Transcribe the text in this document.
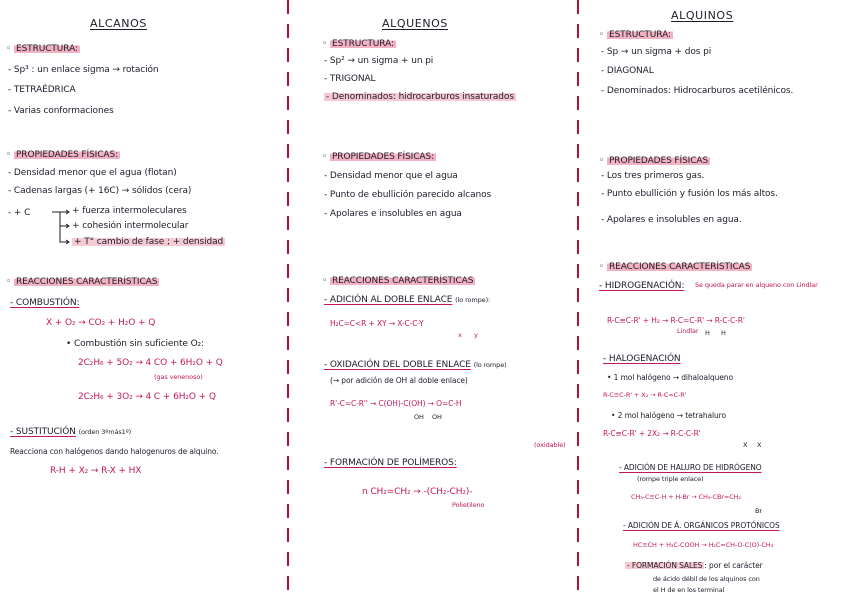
ALCANOS
◦ ESTRUCTURA:
- Sp³ : un enlace sigma → rotación
- TETRAÉDRICA
- Varias conformaciones
◦ PROPIEDADES FÍSICAS:
- Densidad menor que el agua (flotan)
- Cadenas largas (+ 16C) → sólidos (cera)
- + C	+ fuerza intermoleculares
+ cohesión intermolecular
+ T° cambio de fase ; + densidad
◦ REACCIONES CARACTERÍSTICAS
- COMBUSTIÓN:
X + O₂ → CO₂ + H₂O + Q
• Combustión sin suficiente O₂:
2C₂H₆ + 5O₂ → 4 CO + 6H₂O + Q
(gas venenoso)
2C₂H₆ + 3O₂ → 4 C + 6H₂O + Q
- SUSTITUCIÓN (orden 3ºmás1º)
Reacciona con halógenos dando halogenuros de alquino.
R-H + X₂ → R-X + HX
ALQUENOS
◦ ESTRUCTURA:
- Sp² → un sigma + un pi
- TRIGONAL
- Denominados: hidrocarburos insaturados
◦ PROPIEDADES FÍSICAS:
- Densidad menor que el agua
- Punto de ebullición parecido alcanos
- Apolares e insolubles en agua
◦ REACCIONES CARACTERÍSTICAS
- ADICIÓN AL DOBLE ENLACE (lo rompe):
H₂C=C<R + XY → X-C-C-Y
x y
- OXIDACIÓN DEL DOBLE ENLACE (lo rompe)
(→ por adición de OH al doble enlace)
R'-C=C-R'' → C(OH)-C(OH) → O=C-H
OH OH
(oxidable)
- FORMACIÓN DE POLÍMEROS:
n CH₂=CH₂ → -(CH₂-CH₂)-
Polietileno
ALQUINOS
◦ ESTRUCTURA:
- Sp → un sigma + dos pi
- DIAGONAL
- Denominados: Hidrocarburos acetilénicos.
◦ PROPIEDADES FÍSICAS
- Los tres primeros gas.
- Punto ebullición y fusión los más altos.
- Apolares e insolubles en agua.
◦ REACCIONES CARACTERÍSTICAS
- HIDROGENACIÓN: Se queda parar en alqueno con Lindlar
R-C≡C-R' + H₂ → R-C=C-R' → R-C-C-R'
Lindlar H H
- HALOGENACIÓN
• 1 mol halógeno → dihaloalqueno
R-C≡C-R' + X₂ → R-C=C-R'
• 2 mol halógeno → tetrahaluro
R-C≡C-R' + 2X₂ → R-C-C-R'
X X
- ADICIÓN DE HALURO DE HIDRÓGENO
(rompe triple enlace)
CH₃-C≡C-H + H-Br → CH₃-CBr=CH₂
Br
- ADICIÓN DE Á. ORGÁNICOS PROTÓNICOS
HC≡CH + H₃C-COOH → H₂C=CH-O-C(O)-CH₃
- FORMACIÓN SALES : por el carácter
de ácido débil de los alquinos con
el H de en los terminal
